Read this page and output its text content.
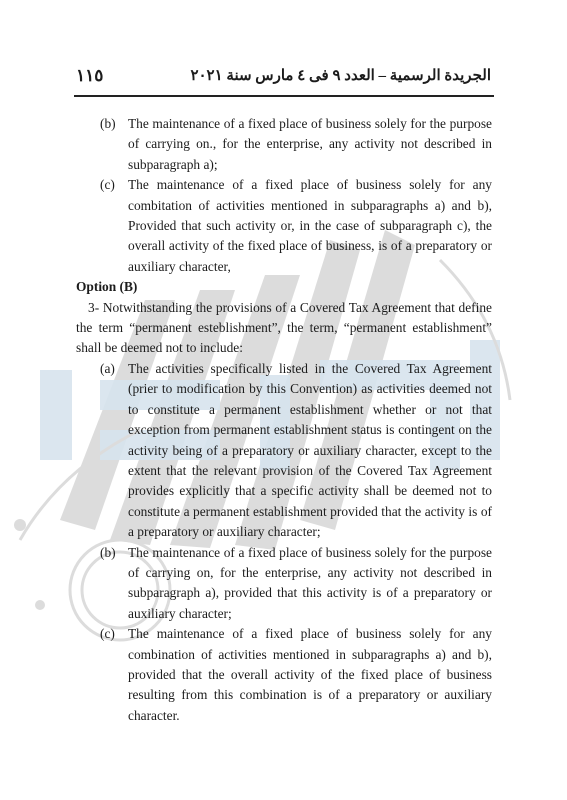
١١٥	الجريدة الرسمية – العدد ٩ فى ٤ مارس سنة ٢٠٢١
(b) The maintenance of a fixed place of business solely for the purpose of carrying on., for the enterprise, any activity not described in subparagraph a);

(c) The maintenance of a fixed place of business solely for any combitation of activities mentioned in subparagraphs a) and b), Provided that such activity or, in the case of subparagraph c), the overall activity of the fixed place of business, is of a preparatory or auxiliary character,

Option (B)

3- Notwithstanding the provisions of a Covered Tax Agreement that define the term “permanent esteblishment”, the term, “permanent establishment” shall be deemed not to include:

(a) The activities specifically listed in the Covered Tax Agreement (prier to modification by this Convention) as activities deemed not to constitute a permanent establishment whether or not that exception from permanent establishment status is contingent on the activity being of a preparatory or auxiliary character, except to the extent that the relevant provision of the Covered Tax Agreement provides explicitly that a specific activity shall be deemed not to constitute a permanent establishment provided that the activity is of a preparatory or auxiliary character;

(b) The maintenance of a fixed place of business solely for the purpose of carrying on, for the enterprise, any activity not described in subparagraph a), provided that this activity is of a preparatory or auxiliary character;

(c) The maintenance of a fixed place of business solely for any combination of activities mentioned in subparagraphs a) and b), provided that the overall activity of the fixed place of business resulting from this combination is of a preparatory or auxiliary character.
